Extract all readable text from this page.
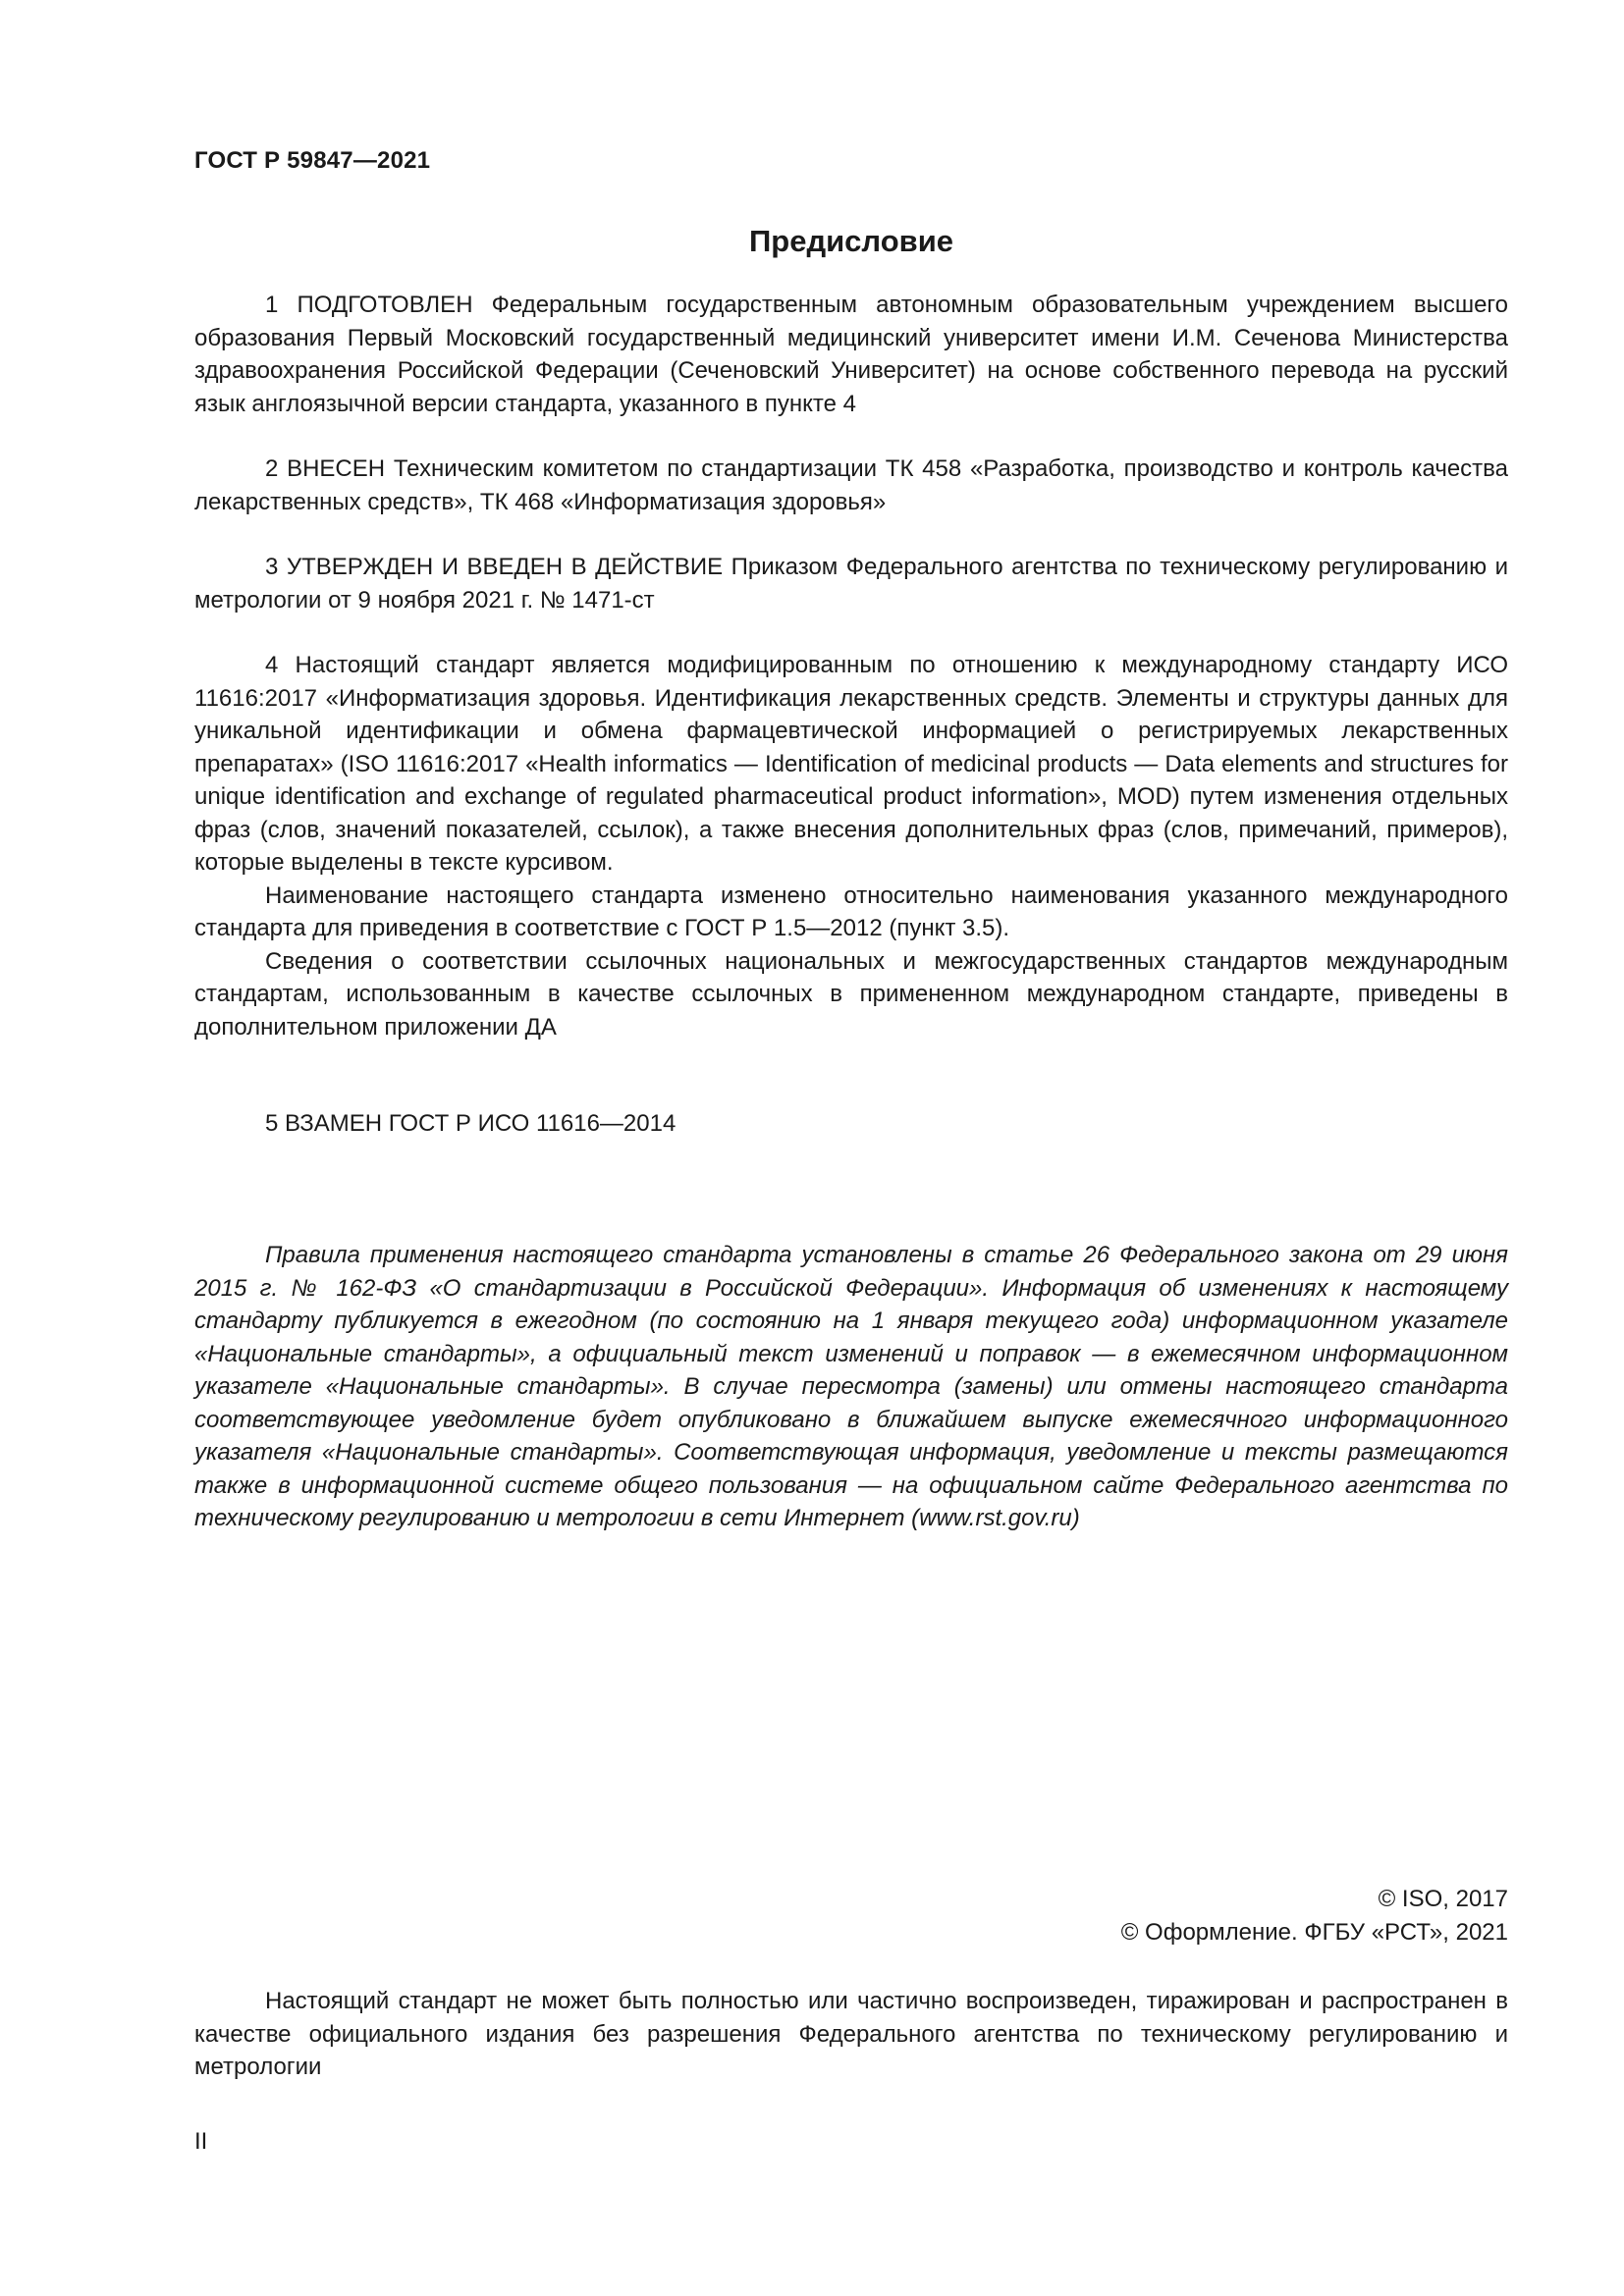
ГОСТ Р 59847—2021
Предисловие

1 ПОДГОТОВЛЕН Федеральным государственным автономным образовательным учреждением высшего образования Первый Московский государственный медицинский университет имени И.М. Сеченова Министерства здравоохранения Российской Федерации (Сеченовский Университет) на основе собственного перевода на русский язык англоязычной версии стандарта, указанного в пункте 4

2 ВНЕСЕН Техническим комитетом по стандартизации ТК 458 «Разработка, производство и контроль качества лекарственных средств», ТК 468 «Информатизация здоровья»

3 УТВЕРЖДЕН И ВВЕДЕН В ДЕЙСТВИЕ Приказом Федерального агентства по техническому регулированию и метрологии от 9 ноября 2021 г. № 1471-ст

4 Настоящий стандарт является модифицированным по отношению к международному стандарту ИСО 11616:2017 «Информатизация здоровья. Идентификация лекарственных средств. Элементы и структуры данных для уникальной идентификации и обмена фармацевтической информацией о регистрируемых лекарственных препаратах» (ISO 11616:2017 «Health informatics — Identification of medicinal products — Data elements and structures for unique identification and exchange of regulated pharmaceutical product information», MOD) путем изменения отдельных фраз (слов, значений показателей, ссылок), а также внесения дополнительных фраз (слов, примечаний, примеров), которые выделены в тексте курсивом.

Наименование настоящего стандарта изменено относительно наименования указанного международного стандарта для приведения в соответствие с ГОСТ Р 1.5—2012 (пункт 3.5).

Сведения о соответствии ссылочных национальных и межгосударственных стандартов международным стандартам, использованным в качестве ссылочных в примененном международном стандарте, приведены в дополнительном приложении ДА

5 ВЗАМЕН ГОСТ Р ИСО 11616—2014

Правила применения настоящего стандарта установлены в статье 26 Федерального закона от 29 июня 2015 г. № 162-ФЗ «О стандартизации в Российской Федерации». Информация об изменениях к настоящему стандарту публикуется в ежегодном (по состоянию на 1 января текущего года) информационном указателе «Национальные стандарты», а официальный текст изменений и поправок — в ежемесячном информационном указателе «Национальные стандарты». В случае пересмотра (замены) или отмены настоящего стандарта соответствующее уведомление будет опубликовано в ближайшем выпуске ежемесячного информационного указателя «Национальные стандарты». Соответствующая информация, уведомление и тексты размещаются также в информационной системе общего пользования — на официальном сайте Федерального агентства по техническому регулированию и метрологии в сети Интернет (www.rst.gov.ru)

© ISO, 2017
© Оформление. ФГБУ «РСТ», 2021

Настоящий стандарт не может быть полностью или частично воспроизведен, тиражирован и распространен в качестве официального издания без разрешения Федерального агентства по техническому регулированию и метрологии

II
